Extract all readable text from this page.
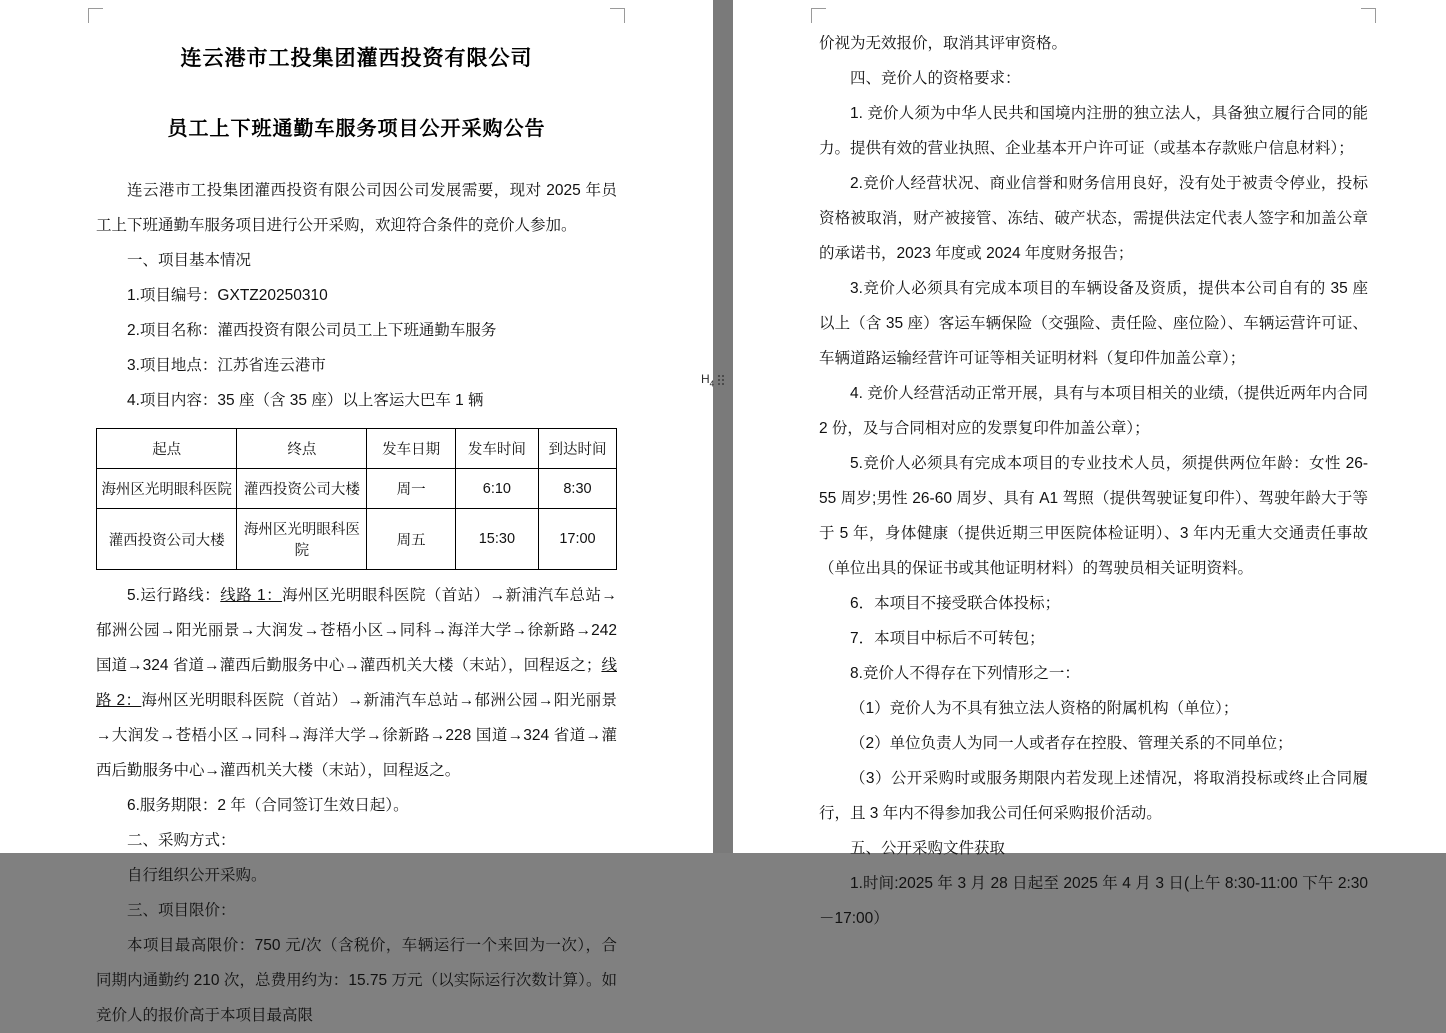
连云港市工投集团灌西投资有限公司
员工上下班通勤车服务项目公开采购公告

连云港市工投集团灌西投资有限公司因公司发展需要，现对 2025 年员工上下班通勤车服务项目进行公开采购，欢迎符合条件的竞价人参加。

一、项目基本情况

1.项目编号：GXTZ20250310

2.项目名称：灌西投资有限公司员工上下班通勤车服务

3.项目地点：江苏省连云港市

4.项目内容：35 座（含 35 座）以上客运大巴车 1 辆

起点	终点	发车日期	发车时间	到达时间
海州区光明眼科医院	灌西投资公司大楼	周一	6:10	8:30
灌西投资公司大楼	海州区光明眼科医院	周五	15:30	17:00

5.运行路线：线路 1：海州区光明眼科医院（首站）→新浦汽车总站→郁洲公园→阳光丽景→大润发→苍梧小区→同科→海洋大学→徐新路→242 国道→324 省道→灌西后勤服务中心→灌西机关大楼（末站），回程返之；线路 2：海州区光明眼科医院（首站）→新浦汽车总站→郁洲公园→阳光丽景→大润发→苍梧小区→同科→海洋大学→徐新路→228 国道→324 省道→灌西后勤服务中心→灌西机关大楼（末站），回程返之。

6.服务期限：2 年（合同签订生效日起）。

二、采购方式：

自行组织公开采购。

三、项目限价：

本项目最高限价：750 元/次（含税价，车辆运行一个来回为一次），合同期内通勤约 210 次，总费用约为：15.75 万元（以实际运行次数计算）。如竞价人的报价高于本项目最高限

$H_4$

价视为无效报价，取消其评审资格。

四、竞价人的资格要求：

1. 竞价人须为中华人民共和国境内注册的独立法人，具备独立履行合同的能力。提供有效的营业执照、企业基本开户许可证（或基本存款账户信息材料）；

2.竞价人经营状况、商业信誉和财务信用良好，没有处于被责令停业，投标资格被取消，财产被接管、冻结、破产状态，需提供法定代表人签字和加盖公章的承诺书，2023 年度或 2024 年度财务报告；

3.竞价人必须具有完成本项目的车辆设备及资质，提供本公司自有的 35 座以上（含 35 座）客运车辆保险（交强险、责任险、座位险）、车辆运营许可证、车辆道路运输经营许可证等相关证明材料（复印件加盖公章）；

4. 竞价人经营活动正常开展，具有与本项目相关的业绩,（提供近两年内合同 2 份，及与合同相对应的发票复印件加盖公章）；

5.竞价人必须具有完成本项目的专业技术人员，须提供两位年龄：女性 26-55 周岁;男性 26-60 周岁、具有 A1 驾照（提供驾驶证复印件）、驾驶年龄大于等于 5 年，身体健康（提供近期三甲医院体检证明）、3 年内无重大交通责任事故（单位出具的保证书或其他证明材料）的驾驶员相关证明资料。

6．本项目不接受联合体投标；

7．本项目中标后不可转包；

8.竞价人不得存在下列情形之一：

（1）竞价人为不具有独立法人资格的附属机构（单位）；

（2）单位负责人为同一人或者存在控股、管理关系的不同单位；

（3）公开采购时或服务期限内若发现上述情况，将取消投标或终止合同履行，且 3 年内不得参加我公司任何采购报价活动。

五、公开采购文件获取

1.时间:2025 年 3 月 28 日起至 2025 年 4 月 3 日(上午 8:30-11:00 下午 2:30－17:00）
